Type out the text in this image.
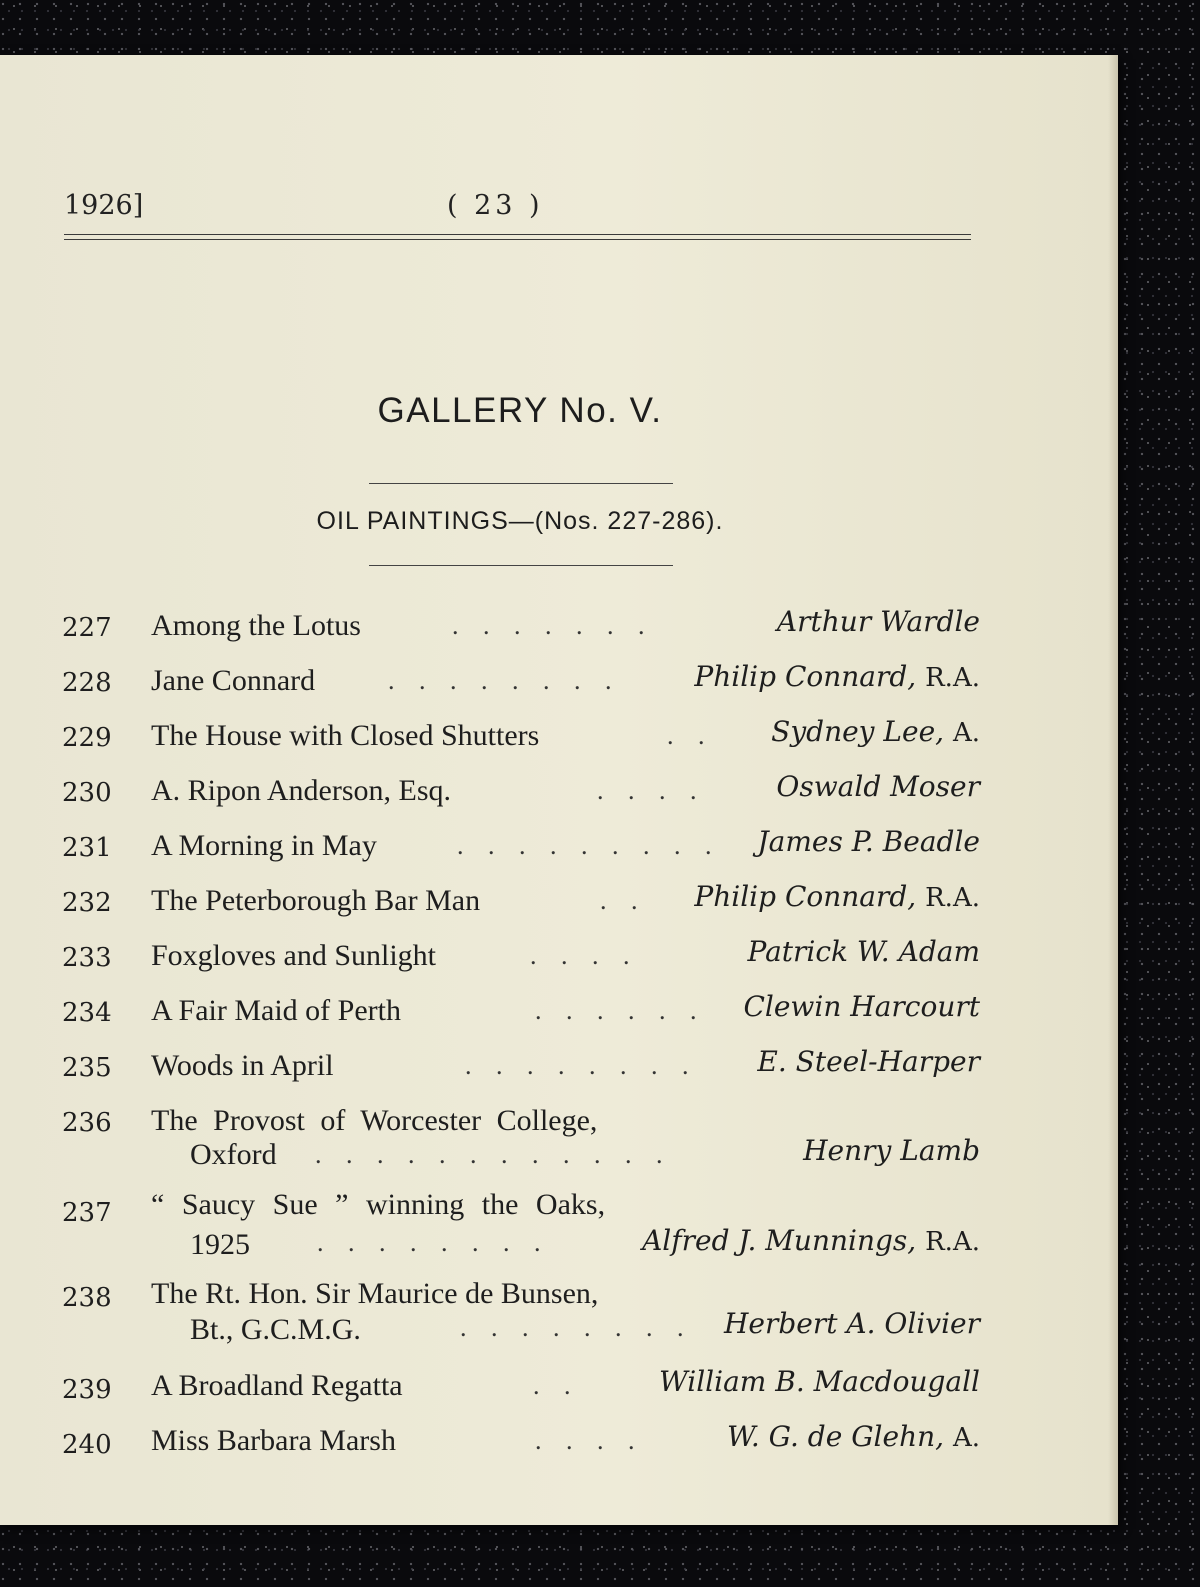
1926]	( 23 )
GALLERY No. V.
OIL PAINTINGS—(Nos. 227-286).
227 Among the Lotus	. . . . . . .	Arthur Wardle
228 Jane Connard	. . . . . . . .	Philip Connard, R.A.
229 The House with Closed Shutters	. . Sydney Lee, A.
230 A. Ripon Anderson, Esq.	. . . .	Oswald Moser
231 A Morning in May	. . . . . . . . . James P. Beadle
232 The Peterborough Bar Man	. . Philip Connard, R.A.
233 Foxgloves and Sunlight	. . . .	Patrick W. Adam
234 A Fair Maid of Perth	. . . . . . Clewin Harcourt
235 Woods in April	. . . . . . . . E. Steel-Harper
236 The Provost of Worcester College,
Oxford . . . . . . . . . . . .	Henry Lamb
237 “ Saucy Sue ” winning the Oaks,
1925	. . . . . . . .	Alfred J. Munnings, R.A.
238 The Rt. Hon. Sir Maurice de Bunsen,
Bt., G.C.M.G.	. . . . . . . . Herbert A. Olivier
239 A Broadland Regatta	. .	William B. Macdougall
240 Miss Barbara Marsh	. . . .	W. G. de Glehn, A.
